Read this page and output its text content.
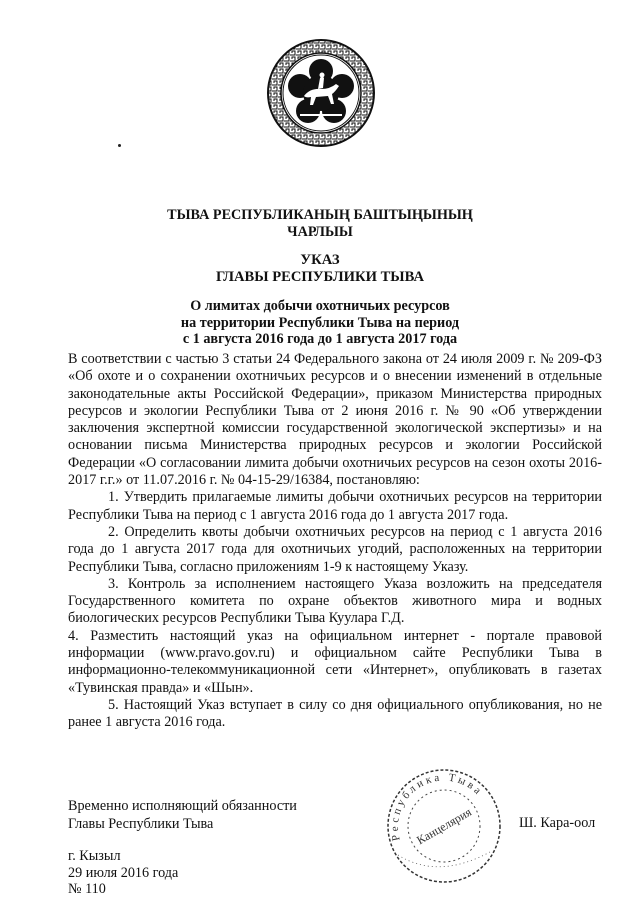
ТЫВА РЕСПУБЛИКАНЫҢ БАШТЫҢЫНЫҢ
ЧАРЛЫЫ
УКАЗ
ГЛАВЫ РЕСПУБЛИКИ ТЫВА
О лимитах добычи охотничьих ресурсов
на территории Республики Тыва на период
с 1 августа 2016 года до 1 августа 2017 года

В соответствии с частью 3 статьи 24 Федерального закона от 24 июля 2009 г. № 209-ФЗ «Об охоте и о сохранении охотничьих ресурсов и о внесении изменений в отдельные законодательные акты Российской Федерации», приказом Министерства природных ресурсов и экологии Республики Тыва от 2 июня 2016 г. № 90 «Об утверждении заключения экспертной комиссии государственной экологической экспертизы» и на основании письма Министерства природных ресурсов и экологии Российской Федерации «О согласовании лимита добычи охотничьих ресурсов на сезон охоты 2016-2017 г.г.» от 11.07.2016 г. № 04-15-29/16384, постановляю:

1. Утвердить прилагаемые лимиты добычи охотничьих ресурсов на территории Республики Тыва на период с 1 августа 2016 года до 1 августа 2017 года.

2. Определить квоты добычи охотничьих ресурсов на период с 1 августа 2016 года до 1 августа 2017 года для охотничьих угодий, расположенных на территории Республики Тыва, согласно приложениям 1-9 к настоящему Указу.

3. Контроль за исполнением настоящего Указа возложить на председателя Государственного комитета по охране объектов животного мира и водных биологических ресурсов Республики Тыва Куулара Г.Д.

4. Разместить настоящий указ на официальном интернет - портале правовой информации (www.pravo.gov.ru) и официальном сайте Республики Тыва в информационно-телекоммуникационной сети «Интернет», опубликовать в газетах «Тувинская правда» и «Шын».

5. Настоящий Указ вступает в силу со дня официального опубликования, но не ранее 1 августа 2016 года.

Временно исполняющий обязанности
Главы Республики Тыва
Республика Тыва
Канцелярия	Ш. Кара-оол
г. Кызыл
29 июля 2016 года
№ 110
